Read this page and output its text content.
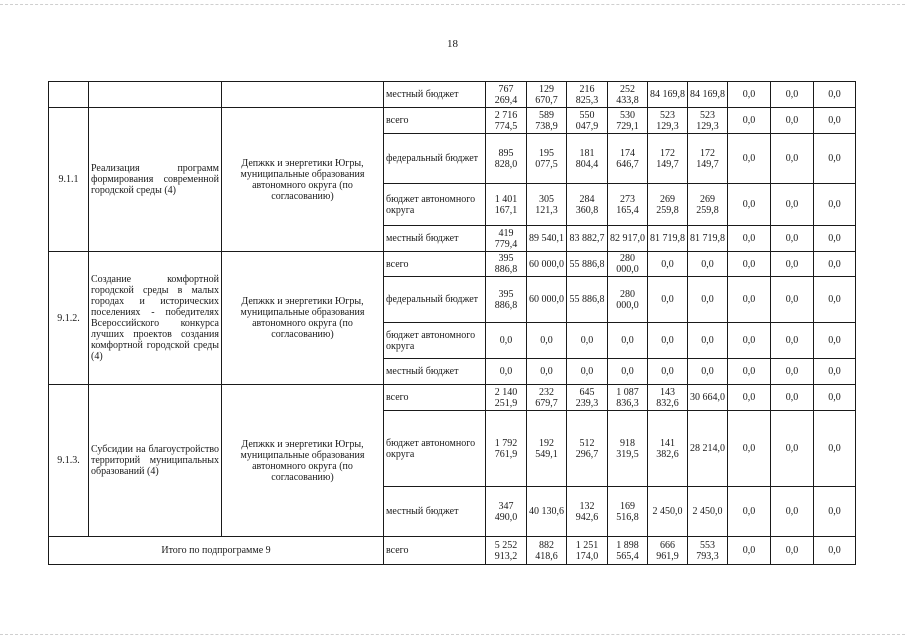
18
			местный бюджет	767 269,4	129 670,7	216 825,3	252 433,8	84 169,8	84 169,8	0,0	0,0	0,0
9.1.1	Реализация программ формирования современной городской среды (4)	Депжкк и энергетики Югры, муниципальные образования автономного округа (по согласованию)	всего	2 716 774,5	589 738,9	550 047,9	530 729,1	523 129,3	523 129,3	0,0	0,0	0,0
			федеральный бюджет	895 828,0	195 077,5	181 804,4	174 646,7	172 149,7	172 149,7	0,0	0,0	0,0
			бюджет автономного округа	1 401 167,1	305 121,3	284 360,8	273 165,4	269 259,8	269 259,8	0,0	0,0	0,0
			местный бюджет	419 779,4	89 540,1	83 882,7	82 917,0	81 719,8	81 719,8	0,0	0,0	0,0
9.1.2.	Создание комфортной городской среды в малых городах и исторических поселениях - победителях Всероссийского конкурса лучших проектов создания комфортной городской среды (4)	Депжкк и энергетики Югры, муниципальные образования автономного округа (по согласованию)	всего	395 886,8	60 000,0	55 886,8	280 000,0	0,0	0,0	0,0	0,0	0,0
			федеральный бюджет	395 886,8	60 000,0	55 886,8	280 000,0	0,0	0,0	0,0	0,0	0,0
			бюджет автономного округа	0,0	0,0	0,0	0,0	0,0	0,0	0,0	0,0	0,0
			местный бюджет	0,0	0,0	0,0	0,0	0,0	0,0	0,0	0,0	0,0
9.1.3.	Субсидии на благоустройство территорий муниципальных образований (4)	Депжкк и энергетики Югры, муниципальные образования автономного округа (по согласованию)	всего	2 140 251,9	232 679,7	645 239,3	1 087 836,3	143 832,6	30 664,0	0,0	0,0	0,0
			бюджет автономного округа	1 792 761,9	192 549,1	512 296,7	918 319,5	141 382,6	28 214,0	0,0	0,0	0,0
			местный бюджет	347 490,0	40 130,6	132 942,6	169 516,8	2 450,0	2 450,0	0,0	0,0	0,0
Итого по подпрограмме 9			всего	5 252 913,2	882 418,6	1 251 174,0	1 898 565,4	666 961,9	553 793,3	0,0	0,0	0,0
